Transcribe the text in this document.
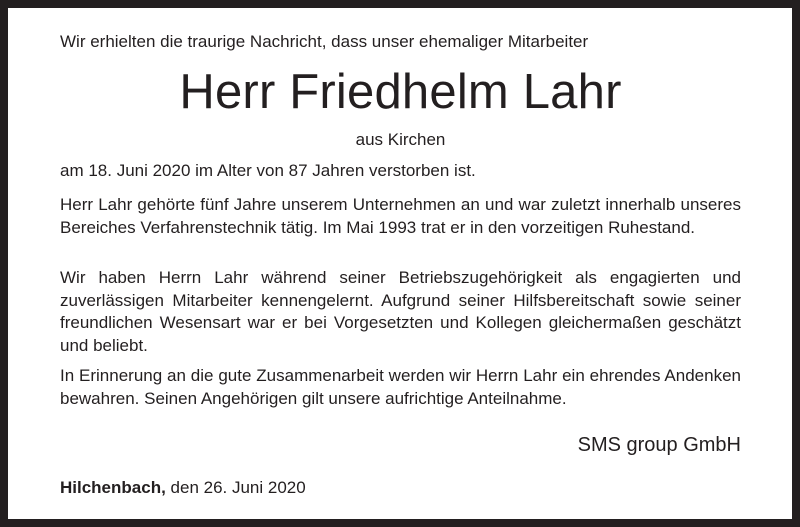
Wir erhielten die traurige Nachricht, dass unser ehemaliger Mitarbeiter
Herr Friedhelm Lahr
aus Kirchen
am 18. Juni 2020 im Alter von 87 Jahren verstorben ist.

Herr Lahr gehörte fünf Jahre unserem Unternehmen an und war zuletzt innerhalb unseres Bereiches Verfahrenstechnik tätig. Im Mai 1993 trat er in den vorzeitigen Ruhestand.

Wir haben Herrn Lahr während seiner Betriebszugehörigkeit als engagierten und zuverlässigen Mitarbeiter kennengelernt. Aufgrund seiner Hilfsbereitschaft sowie seiner freundlichen Wesensart war er bei Vorgesetzten und Kollegen gleichermaßen geschätzt und beliebt.

In Erinnerung an die gute Zusammenarbeit werden wir Herrn Lahr ein ehrendes Andenken bewahren. Seinen Angehörigen gilt unsere aufrichtige Anteilnahme.

SMS group GmbH
Hilchenbach, den 26. Juni 2020
